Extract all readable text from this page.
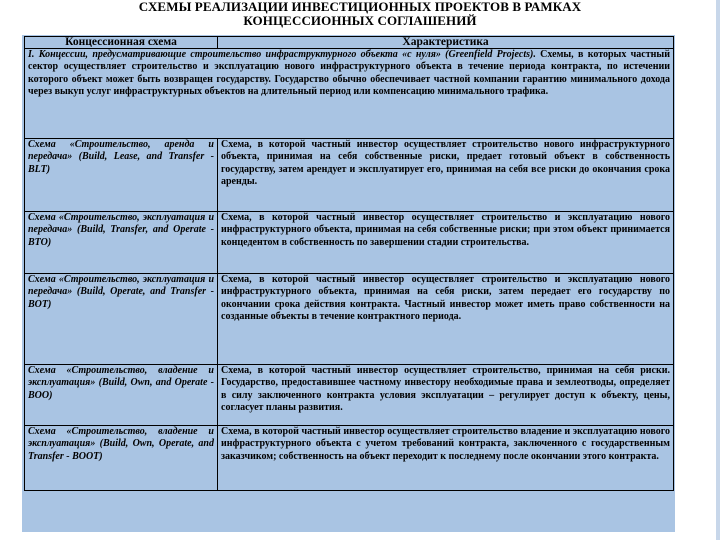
СХЕМЫ РЕАЛИЗАЦИИ ИНВЕСТИЦИОННЫХ ПРОЕКТОВ В РАМКАХ
КОНЦЕССИОННЫХ СОГЛАШЕНИЙ
Концессионная схема	Характеристика
I. Концессии, предусматривающие строительство инфраструктурного объекта «с нуля» (Greenfield Projects). Схемы, в которых частный сектор осуществляет строительство и эксплуатацию нового инфраструктурного объекта в течение периода контракта, по истечении которого объект может быть возвращен государству. Государство обычно обеспечивает частной компании гарантию минимального дохода через выкуп услуг инфраструктурных объектов на длительный период или компенсацию минимального трафика.	
Схема «Строительство, аренда и передача» (Build, Lease, and Transfer - BLT)	Схема, в которой частный инвестор осуществляет строительство нового инфраструктурного объекта, принимая на себя собственные риски, предает готовый объект в собственность государству, затем арендует и эксплуатирует его, принимая на себя все риски до окончания срока аренды.
Схема «Строительство, эксплуатация и передача» (Build, Transfer, and Operate - BTO)	Схема, в которой частный инвестор осуществляет строительство и эксплуатацию нового инфраструктурного объекта, принимая на себя собственные риски; при этом объект принимается концедентом в собственность по завершении стадии строительства.
Схема «Строительство, эксплуатация и передача» (Build, Operate, and Transfer - BOT)	Схема, в которой частный инвестор осуществляет строительство и эксплуатацию нового инфраструктурного объекта, принимая на себя риски, затем передает его государству по окончании срока действия контракта. Частный инвестор может иметь право собственности на созданные объекты в течение контрактного периода.
Схема «Строительство, владение и эксплуатация» (Build, Own, and Operate - BOO)	Схема, в которой частный инвестор осуществляет строительство, принимая на себя риски. Государство, предоставившее частному инвестору необходимые права и землеотводы, определяет в силу заключенного контракта условия эксплуатации – регулирует доступ к объекту, цены, согласует планы развития.
Схема «Строительство, владение и эксплуатация» (Build, Own, Operate, and Transfer - BOOT)	Схема, в которой частный инвестор осуществляет строительство владение и эксплуатацию нового инфраструктурного объекта с учетом требований контракта, заключенного с государственным заказчиком; собственность на объект переходит к последнему после окончании этого контракта.
